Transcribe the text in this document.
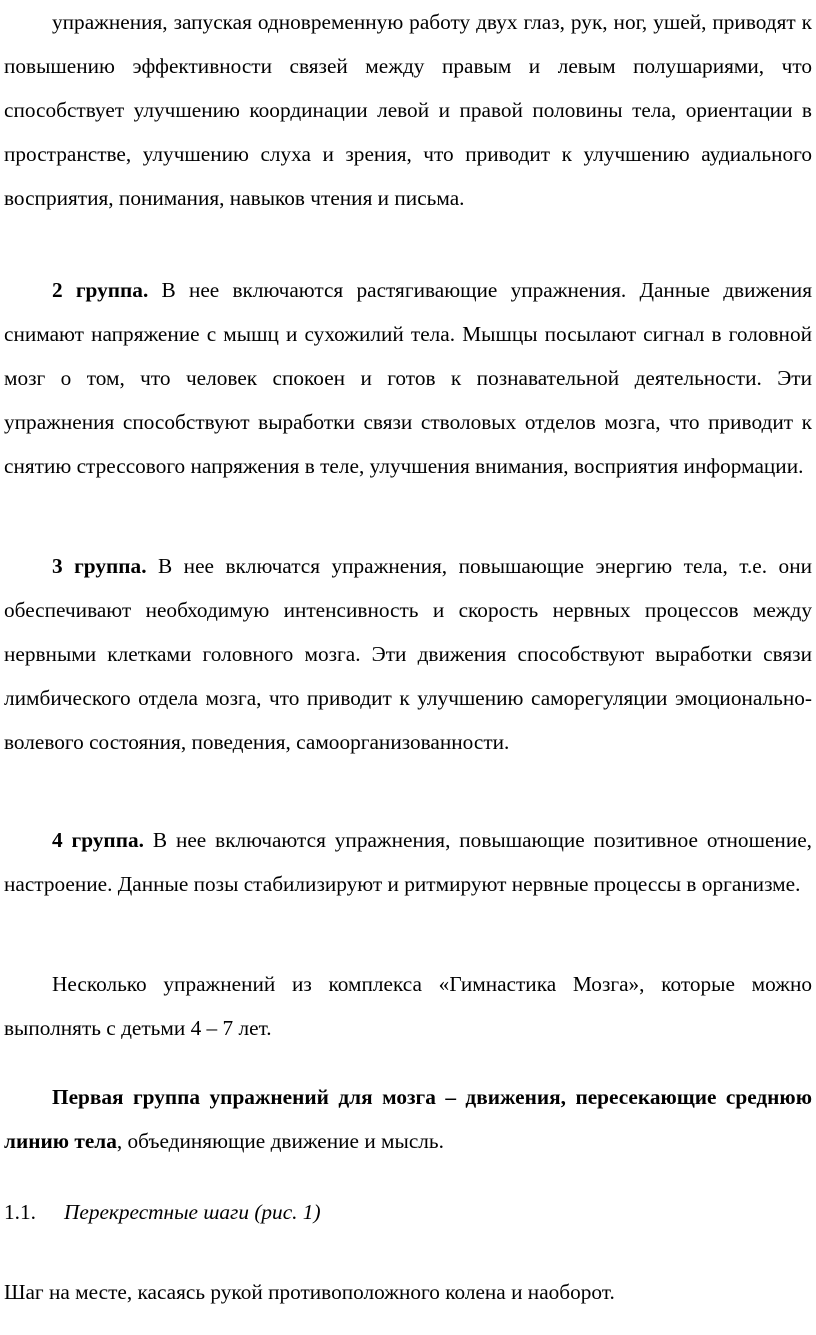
упражнения, запуская одновременную работу двух глаз, рук, ног, ушей, приводят к повышению эффективности связей между правым и левым полушариями, что способствует улучшению координации левой и правой половины тела, ориентации в пространстве, улучшению слуха и зрения, что приводит к улучшению аудиального восприятия, понимания, навыков чтения и письма.

2 группа. В нее включаются растягивающие упражнения. Данные движения снимают напряжение с мышц и сухожилий тела. Мышцы посылают сигнал в головной мозг о том, что человек спокоен и готов к познавательной деятельности. Эти упражнения способствуют выработки связи стволовых отделов мозга, что приводит к снятию стрессового напряжения в теле, улучшения внимания, восприятия информации.

3 группа. В нее включатся упражнения, повышающие энергию тела, т.е. они обеспечивают необходимую интенсивность и скорость нервных процессов между нервными клетками головного мозга. Эти движения способствуют выработки связи лимбического отдела мозга, что приводит к улучшению саморегуляции эмоционально-волевого состояния, поведения, самоорганизованности.

4 группа. В нее включаются упражнения, повышающие позитивное отношение, настроение. Данные позы стабилизируют и ритмируют нервные процессы в организме.

Несколько упражнений из комплекса «Гимнастика Мозга», которые можно выполнять с детьми 4 – 7 лет.

Первая группа упражнений для мозга – движения, пересекающие среднюю линию тела, объединяющие движение и мысль.

1.1. Перекрестные шаги (рис. 1)

Шаг на месте, касаясь рукой противоположного колена и наоборот.
